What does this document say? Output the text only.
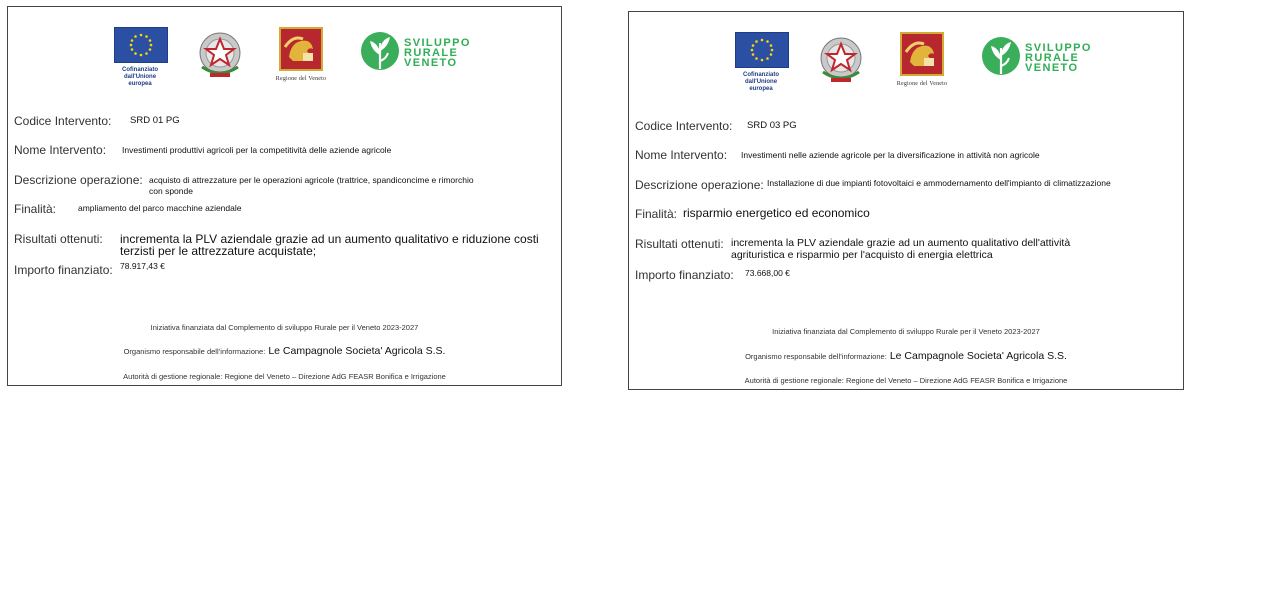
Cofinanziato
dall'Unione europea
Regione del Veneto
SVILUPPO
RURALE
VENETO
Codice Intervento: SRD 01 PG
Nome Intervento: Investimenti produttivi agricoli per la competitività delle aziende agricole
Descrizione operazione: acquisto di attrezzature per le operazioni agricole (trattrice, spandiconcime e rimorchio
con sponde
Finalità:	ampliamento del parco macchine aziendale
Risultati ottenuti: incrementa la PLV aziendale grazie ad un aumento qualitativo e riduzione costi
terzisti per le attrezzature acquistate;
Importo finanziato: 78.917,43 €
Iniziativa finanziata dal Complemento di sviluppo Rurale per il Veneto 2023-2027
Organismo responsabile dell’informazione: Le Campagnole Societa' Agricola S.S.
Autorità di gestione regionale: Regione del Veneto – Direzione AdG FEASR Bonifica e Irrigazione
Cofinanziato
dall'Unione europea
Regione del Veneto
SVILUPPO
RURALE
VENETO
Codice Intervento: SRD 03 PG
Nome Intervento: Investimenti nelle aziende agricole per la diversificazione in attività non agricole
Descrizione operazione: Installazione di due impianti fotovoltaici e ammodernamento dell'impianto di climatizzazione
Finalità: risparmio energetico ed economico
Risultati ottenuti: incrementa la PLV aziendale grazie ad un aumento qualitativo dell'attività
agrituristica e risparmio per l'acquisto di energia elettrica
Importo finanziato: 73.668,00 €
Iniziativa finanziata dal Complemento di sviluppo Rurale per il Veneto 2023-2027
Organismo responsabile dell’informazione: Le Campagnole Societa' Agricola S.S.
Autorità di gestione regionale: Regione del Veneto – Direzione AdG FEASR Bonifica e Irrigazione
